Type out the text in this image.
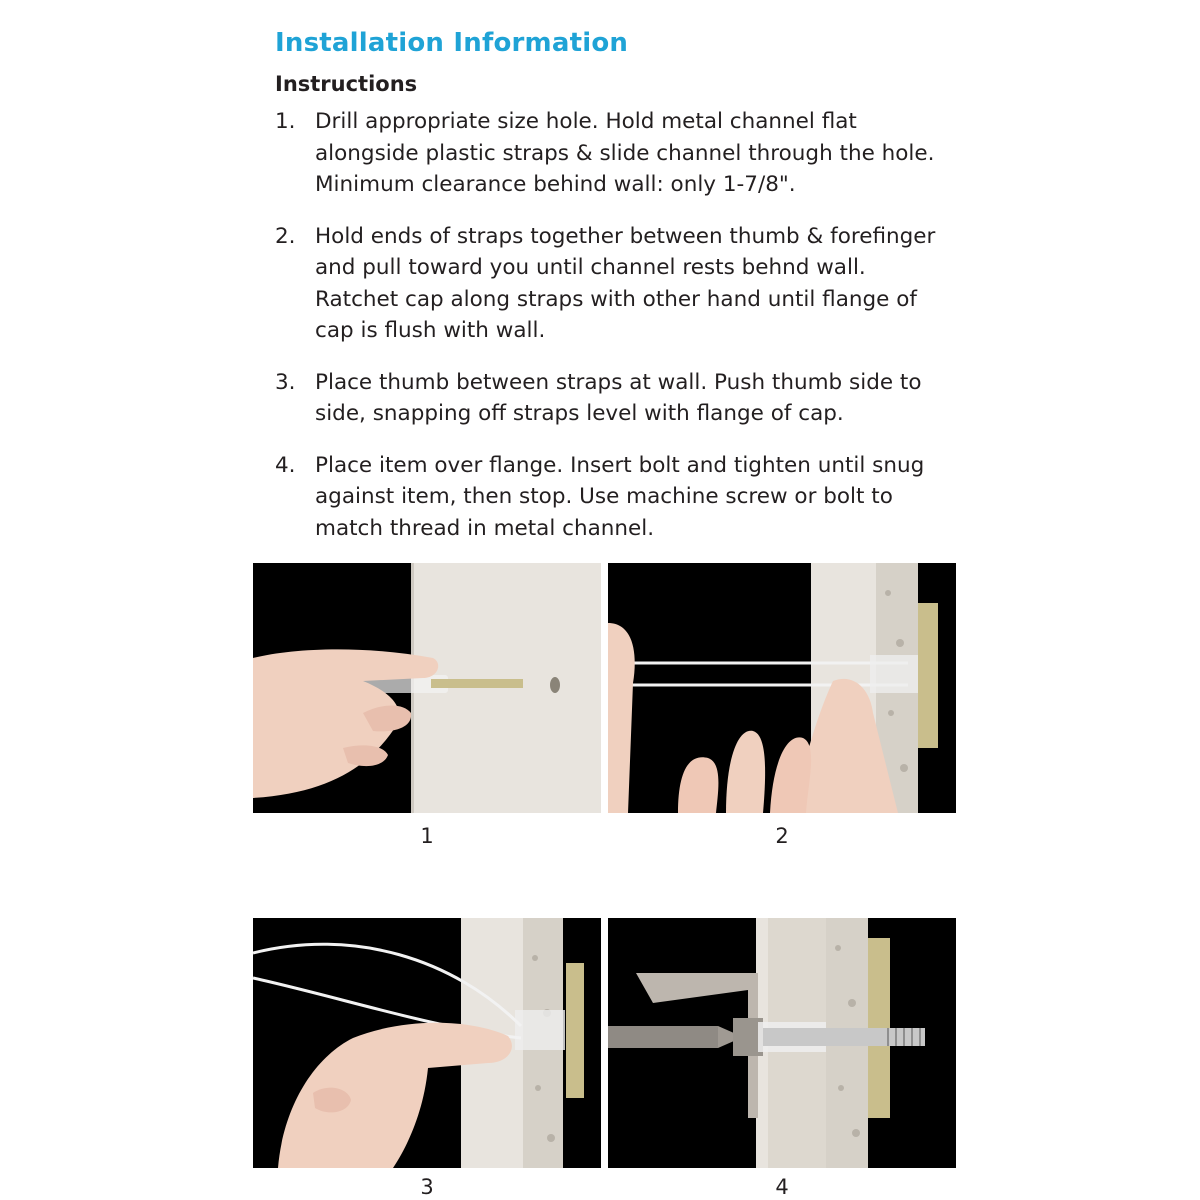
Installation Information
Instructions
1. Drill appropriate size hole. Hold metal channel flat
alongside plastic straps & slide channel through the hole.
Minimum clearance behind wall: only 1-7/8".
2. Hold ends of straps together between thumb & forefinger
and pull toward you until channel rests behnd wall.
Ratchet cap along straps with other hand until flange of
cap is flush with wall.
3. Place thumb between straps at wall. Push thumb side to
side, snapping off straps level with flange of cap.
4. Place item over flange. Insert bolt and tighten until snug
against item, then stop. Use machine screw or bolt to
match thread in metal channel.
1	2
3	4
